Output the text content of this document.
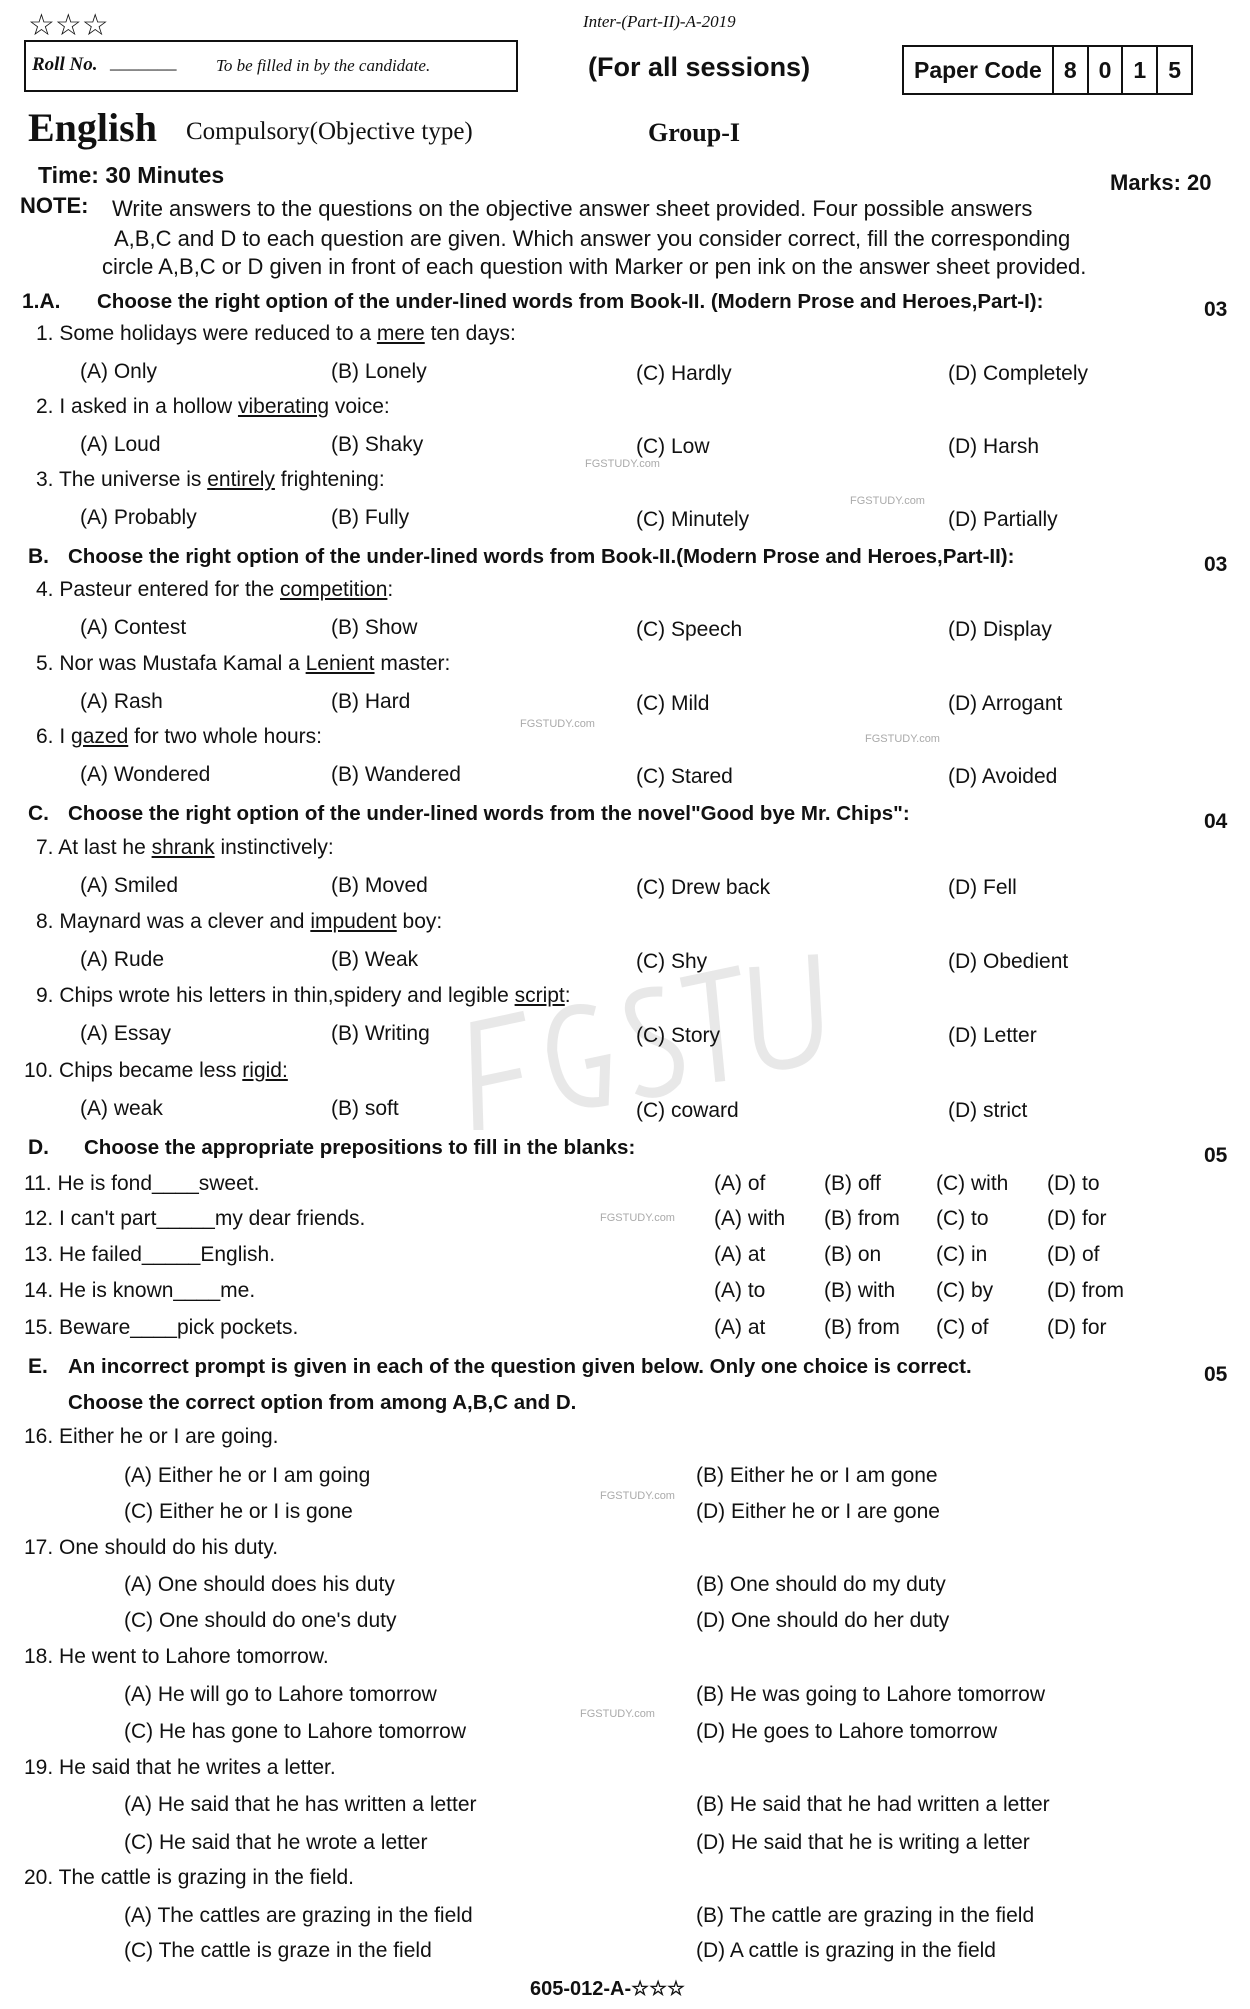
☆☆☆	Inter-(Part-II)-A-2019
Roll No. _______ To be filled in by the candidate.	(For all sessions)	Paper Code	8	0	1	5
English Compulsory(Objective type)	Group-I
Time: 30 Minutes	Marks: 20
NOTE: Write answers to the questions on the objective answer sheet provided. Four possible answers
A,B,C and D to each question are given. Which answer you consider correct, fill the corresponding
circle A,B,C or D given in front of each question with Marker or pen ink on the answer sheet provided.
1.A. Choose the right option of the under-lined words from Book-II. (Modern Prose and Heroes,Part-I):	03
B. Choose the right option of the under-lined words from Book-II.(Modern Prose and Heroes,Part-II):	03
C. Choose the right option of the under-lined words from the novel"Good bye Mr. Chips":	04
D. Choose the appropriate prepositions to fill in the blanks:	05
E. An incorrect prompt is given in each of the question given below. Only one choice is correct.
Choose the correct option from among A,B,C and D.
05
1. Some holidays were reduced to a mere ten days:
(A) Only	(B) Lonely	(C) Hardly	(D) Completely
2. I asked in a hollow viberating voice:
(A) Loud	(B) Shaky	(C) Low	(D) Harsh
3. The universe is entirely frightening:
(A) Probably	(B) Fully	(C) Minutely	(D) Partially
4. Pasteur entered for the competition:
(A) Contest	(B) Show	(C) Speech	(D) Display
5. Nor was Mustafa Kamal a Lenient master:
(A) Rash	(B) Hard	(C) Mild	(D) Arrogant
6. I gazed for two whole hours:
(A) Wondered	(B) Wandered	(C) Stared	(D) Avoided
7. At last he shrank instinctively:
(A) Smiled	(B) Moved	(C) Drew back	(D) Fell
8. Maynard was a clever and impudent boy:
(A) Rude	(B) Weak	(C) Shy	(D) Obedient
9. Chips wrote his letters in thin,spidery and legible script:
(A) Essay	(B) Writing	(C) Story	(D) Letter
10. Chips became less rigid:
(A) weak	(B) soft	(C) coward	(D) strict
11. He is fond____sweet.	(A) of	(B) off	(C) with (D) to
12. I can't part_____my dear friends.	(A) with (B) from (C) to	(D) for
13. He failed_____English.	(A) at	(B) on	(C) in	(D) of
14. He is known____me.	(A) to	(B) with (C) by	(D) from
15. Beware____pick pockets.	(A) at	(B) from (C) of	(D) for
16. Either he or I are going.
(A) Either he or I am going	(B) Either he or I am gone
(C) Either he or I is gone	(D) Either he or I are gone
17. One should do his duty.
(A) One should does his duty	(B) One should do my duty
(C) One should do one's duty	(D) One should do her duty
18. He went to Lahore tomorrow.
(A) He will go to Lahore tomorrow	(B) He was going to Lahore tomorrow
(C) He has gone to Lahore tomorrow	(D) He goes to Lahore tomorrow
19. He said that he writes a letter.
(A) He said that he has written a letter	(B) He said that he had written a letter
(C) He said that he wrote a letter	(D) He said that he is writing a letter
20. The cattle is grazing in the field.
(A) The cattles are grazing in the field	(B) The cattle are grazing in the field
(C) The cattle is graze in the field	(D) A cattle is grazing in the field
FGSTUDY.com
FGSTUDY.com
FGSTUDY.com
FGSTUDY.com
FGSTUDY.com
FGSTUDY.com
FGSTUDY.com
605-012-A-☆☆☆
